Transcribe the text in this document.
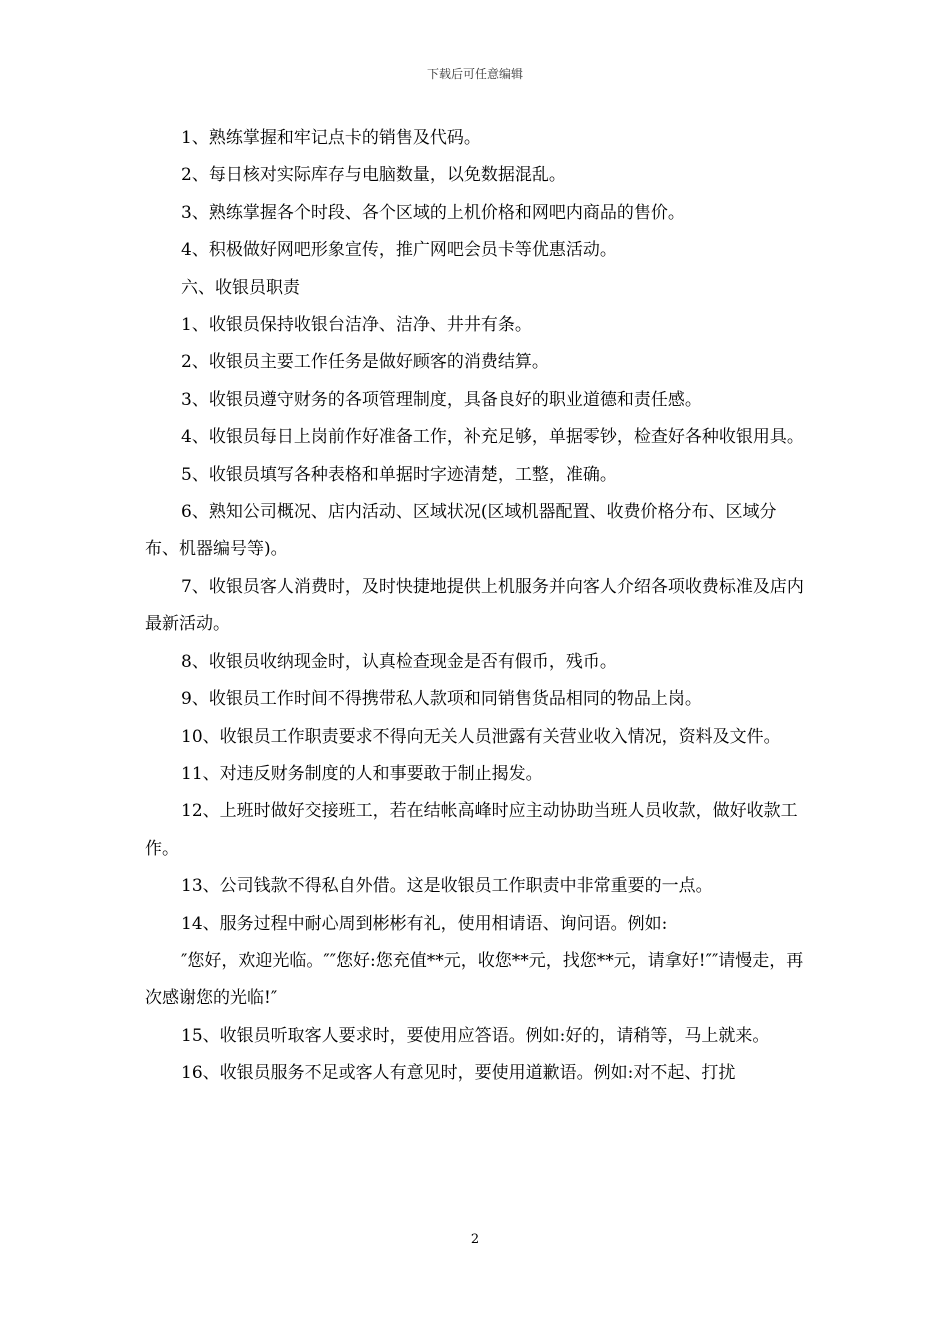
下载后可任意编辑

1、熟练掌握和牢记点卡的销售及代码。

2、每日核对实际库存与电脑数量，以免数据混乱。

3、熟练掌握各个时段、各个区域的上机价格和网吧内商品的售价。

4、积极做好网吧形象宣传，推广网吧会员卡等优惠活动。

六、收银员职责

1、收银员保持收银台洁净、洁净、井井有条。

2、收银员主要工作任务是做好顾客的消费结算。

3、收银员遵守财务的各项管理制度，具备良好的职业道德和责任感。

4、收银员每日上岗前作好准备工作，补充足够，单据零钞，检查好各种收银用具。

5、收银员填写各种表格和单据时字迹清楚，工整，准确。

6、熟知公司概况、店内活动、区域状况(区域机器配置、收费价格分布、区域分布、机器编号等)。

7、收银员客人消费时，及时快捷地提供上机服务并向客人介绍各项收费标准及店内最新活动。

8、收银员收纳现金时，认真检查现金是否有假币，残币。

9、收银员工作时间不得携带私人款项和同销售货品相同的物品上岗。

10、收银员工作职责要求不得向无关人员泄露有关营业收入情况，资料及文件。

11、对违反财务制度的人和事要敢于制止揭发。

12、上班时做好交接班工，若在结帐高峰时应主动协助当班人员收款，做好收款工作。

13、公司钱款不得私自外借。这是收银员工作职责中非常重要的一点。

14、服务过程中耐心周到彬彬有礼，使用相请语、询问语。例如:

″您好，欢迎光临。″″您好:您充值**元，收您**元，找您**元，请拿好!″″请慢走，再次感谢您的光临!″

15、收银员听取客人要求时，要使用应答语。例如:好的，请稍等，马上就来。

16、收银员服务不足或客人有意见时，要使用道歉语。例如:对不起、打扰

2
